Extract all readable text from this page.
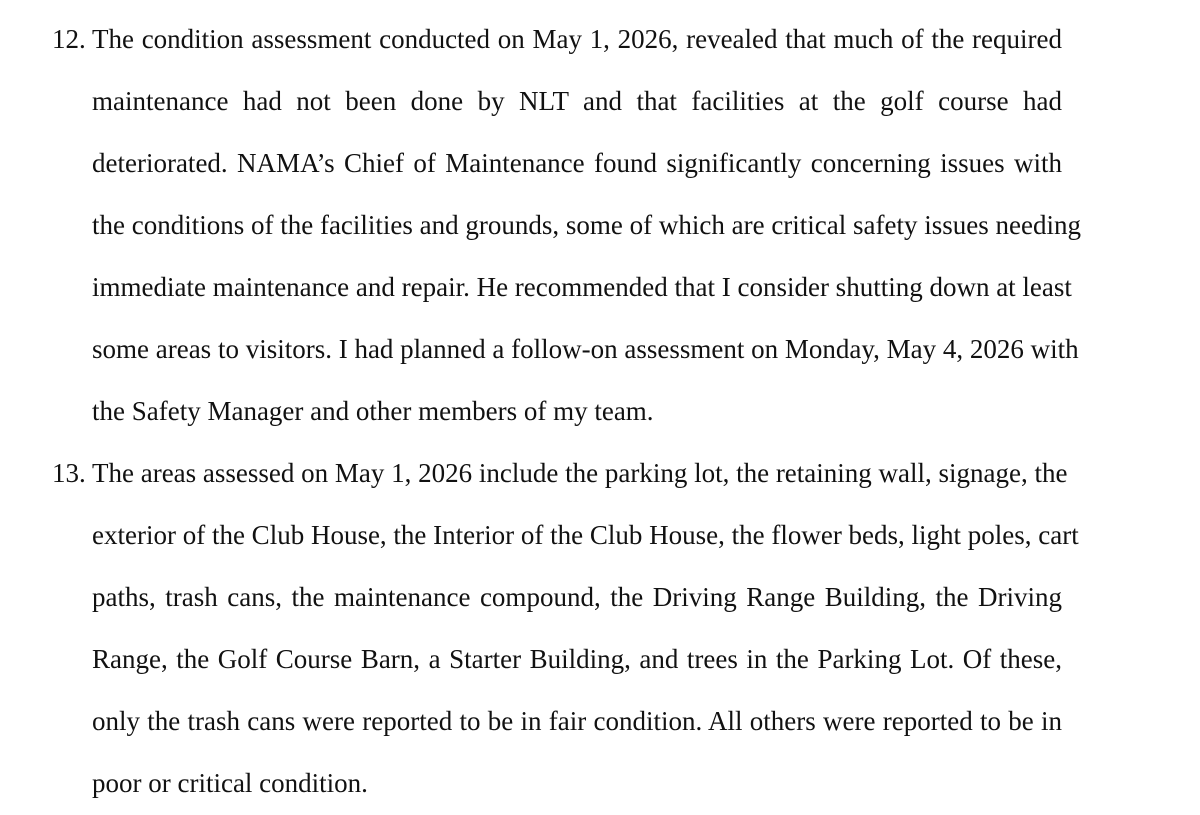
12. The condition assessment conducted on May 1, 2026, revealed that much of the required
maintenance had not been done by NLT and that facilities at the golf course had
deteriorated. NAMA’s Chief of Maintenance found significantly concerning issues with
the conditions of the facilities and grounds, some of which are critical safety issues needing
immediate maintenance and repair. He recommended that I consider shutting down at least
some areas to visitors. I had planned a follow-on assessment on Monday, May 4, 2026 with
the Safety Manager and other members of my team.
13. The areas assessed on May 1, 2026 include the parking lot, the retaining wall, signage, the
exterior of the Club House, the Interior of the Club House, the flower beds, light poles, cart
paths, trash cans, the maintenance compound, the Driving Range Building, the Driving
Range, the Golf Course Barn, a Starter Building, and trees in the Parking Lot. Of these,
only the trash cans were reported to be in fair condition. All others were reported to be in
poor or critical condition.
